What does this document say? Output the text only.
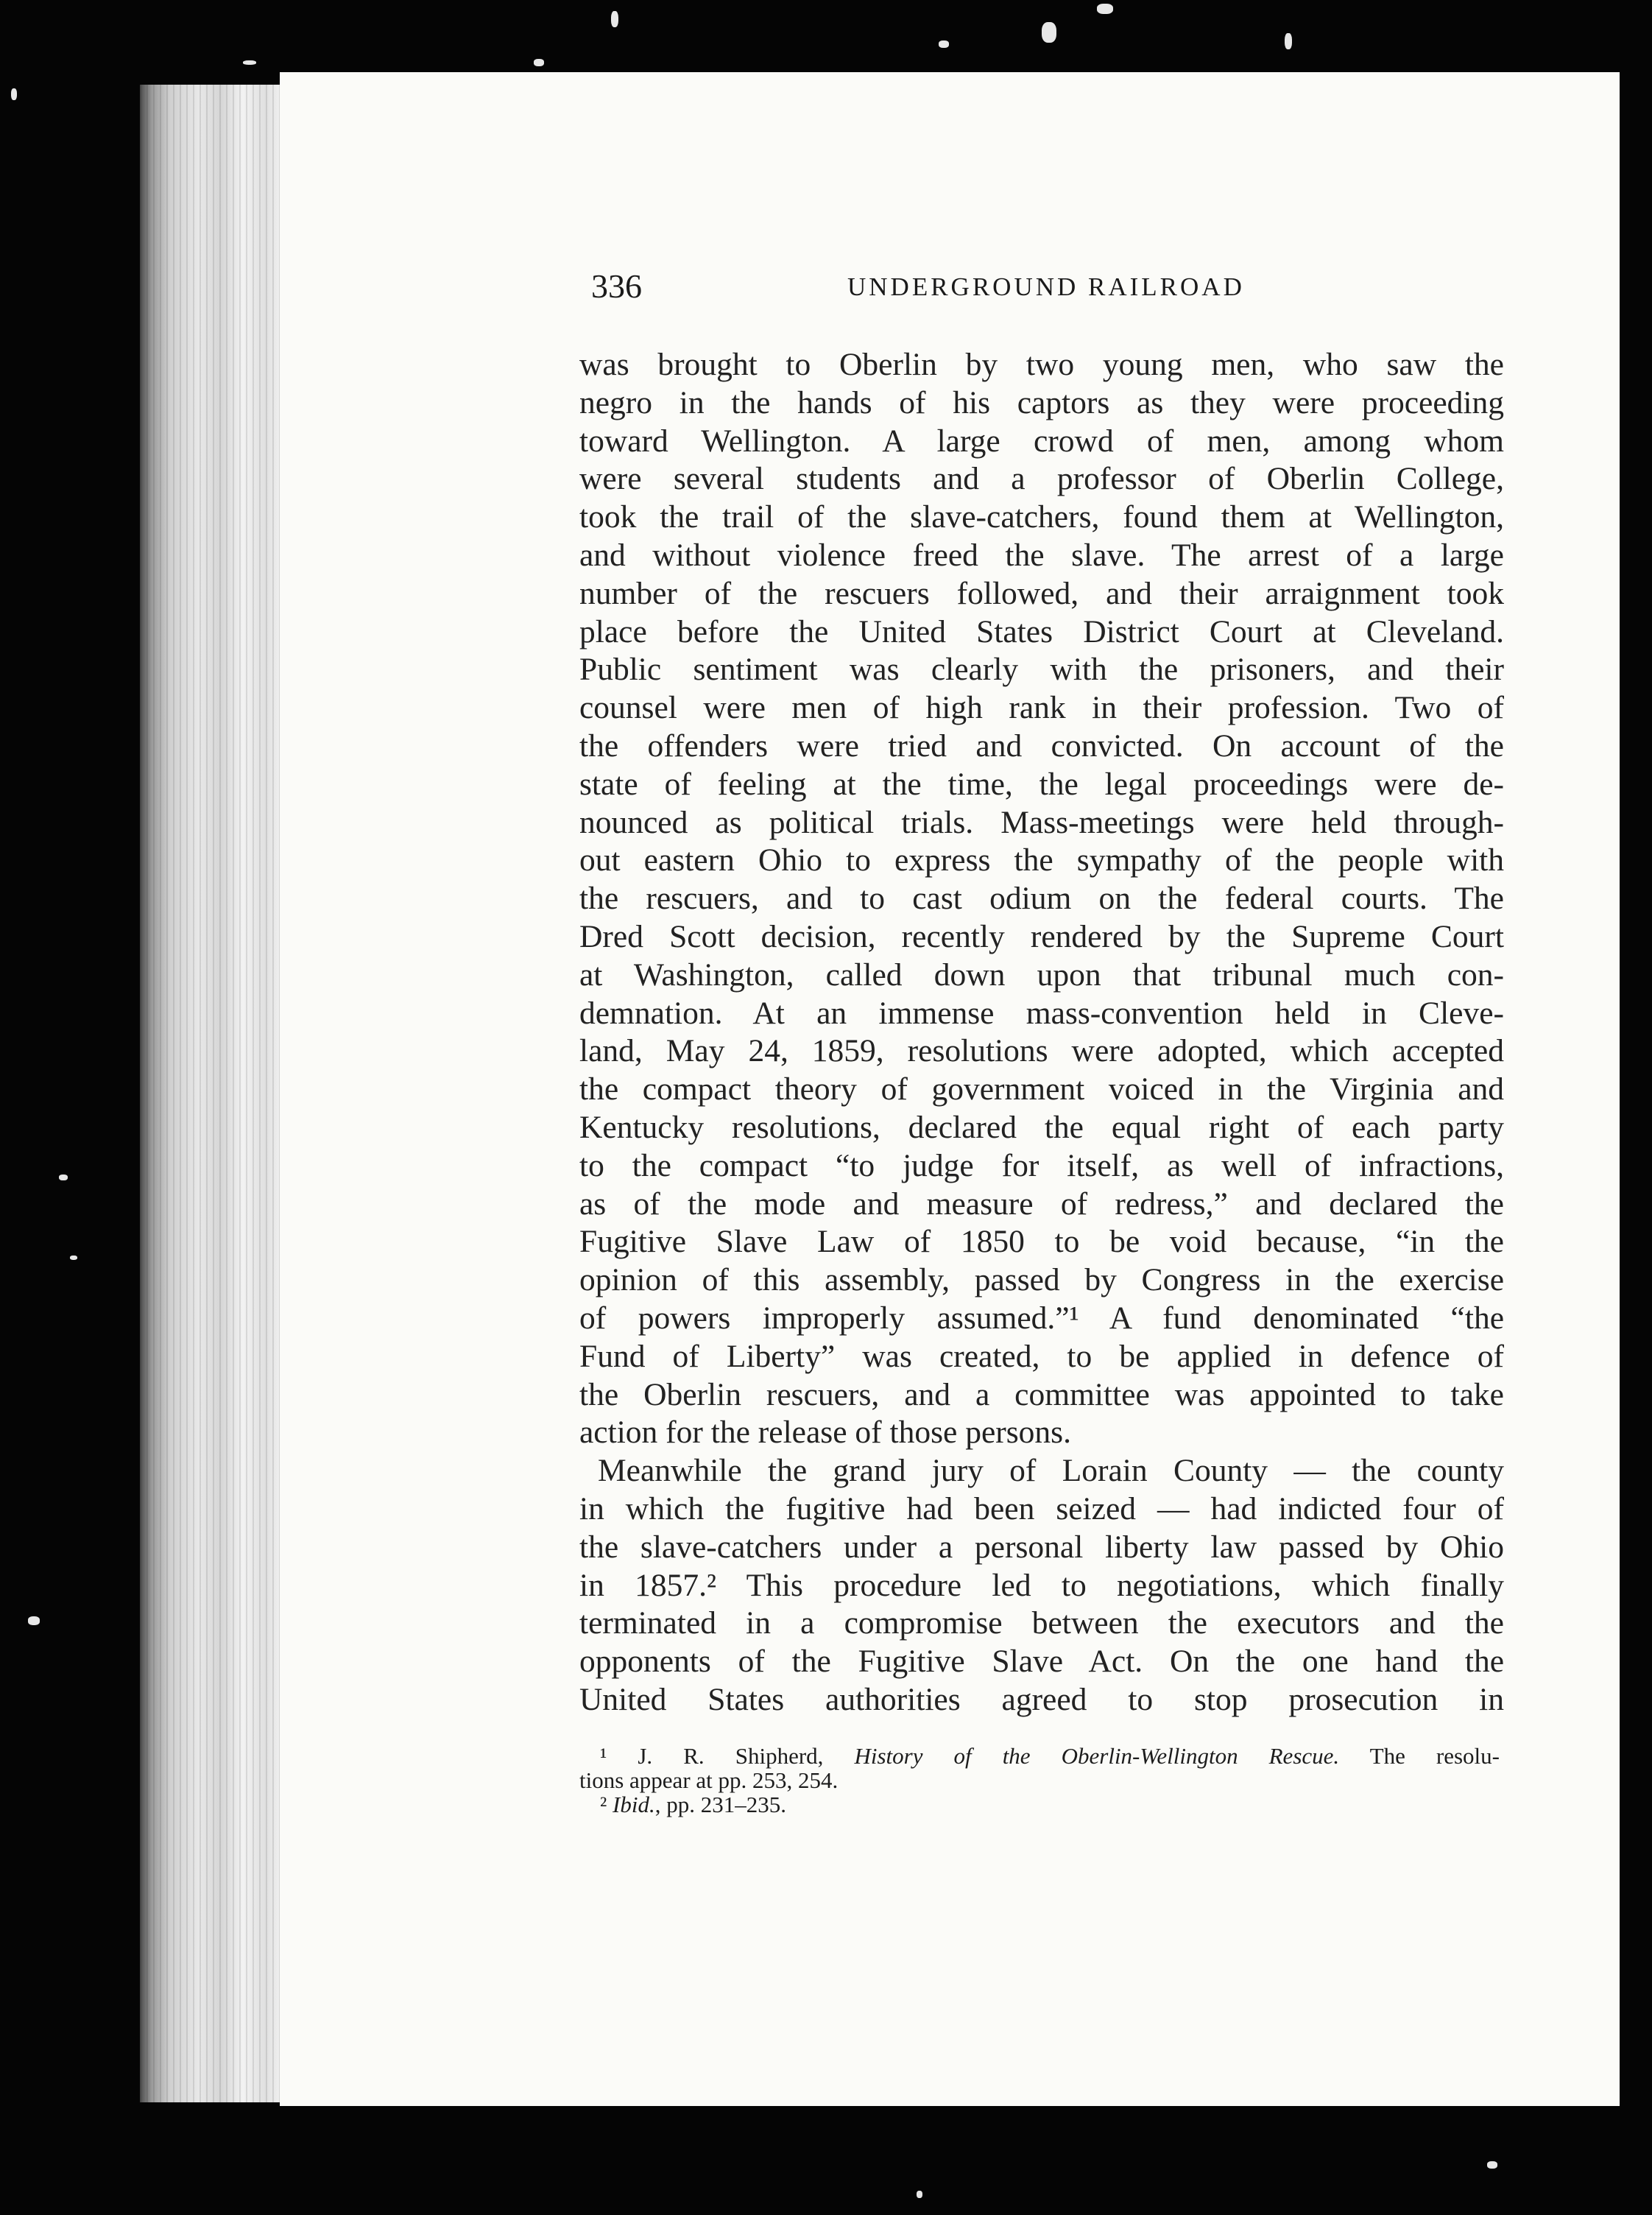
336	UNDERGROUND RAILROAD
was brought to Oberlin by two young men, who saw the
negro in the hands of his captors as they were proceeding
toward Wellington. A large crowd of men, among whom
were several students and a professor of Oberlin College,
took the trail of the slave-catchers, found them at Wellington,
and without violence freed the slave. The arrest of a large
number of the rescuers followed, and their arraignment took
place before the United States District Court at Cleveland.
Public sentiment was clearly with the prisoners, and their
counsel were men of high rank in their profession. Two of
the offenders were tried and convicted. On account of the
state of feeling at the time, the legal proceedings were de-
nounced as political trials. Mass-meetings were held through-
out eastern Ohio to express the sympathy of the people with
the rescuers, and to cast odium on the federal courts. The
Dred Scott decision, recently rendered by the Supreme Court
at Washington, called down upon that tribunal much con-
demnation. At an immense mass-convention held in Cleve-
land, May 24, 1859, resolutions were adopted, which accepted
the compact theory of government voiced in the Virginia and
Kentucky resolutions, declared the equal right of each party
to the compact “to judge for itself, as well of infractions,
as of the mode and measure of redress,” and declared the
Fugitive Slave Law of 1850 to be void because, “in the
opinion of this assembly, passed by Congress in the exercise
of powers improperly assumed.”¹ A fund denominated “the
Fund of Liberty” was created, to be applied in defence of
the Oberlin rescuers, and a committee was appointed to take
action for the release of those persons.
Meanwhile the grand jury of Lorain County — the county
in which the fugitive had been seized — had indicted four of
the slave-catchers under a personal liberty law passed by Ohio
in 1857.² This procedure led to negotiations, which finally
terminated in a compromise between the executors and the
opponents of the Fugitive Slave Act. On the one hand the
United States authorities agreed to stop prosecution in
¹ J. R. Shipherd, History of the Oberlin-Wellington Rescue. The resolu-
tions appear at pp. 253, 254.
² Ibid., pp. 231–235.
